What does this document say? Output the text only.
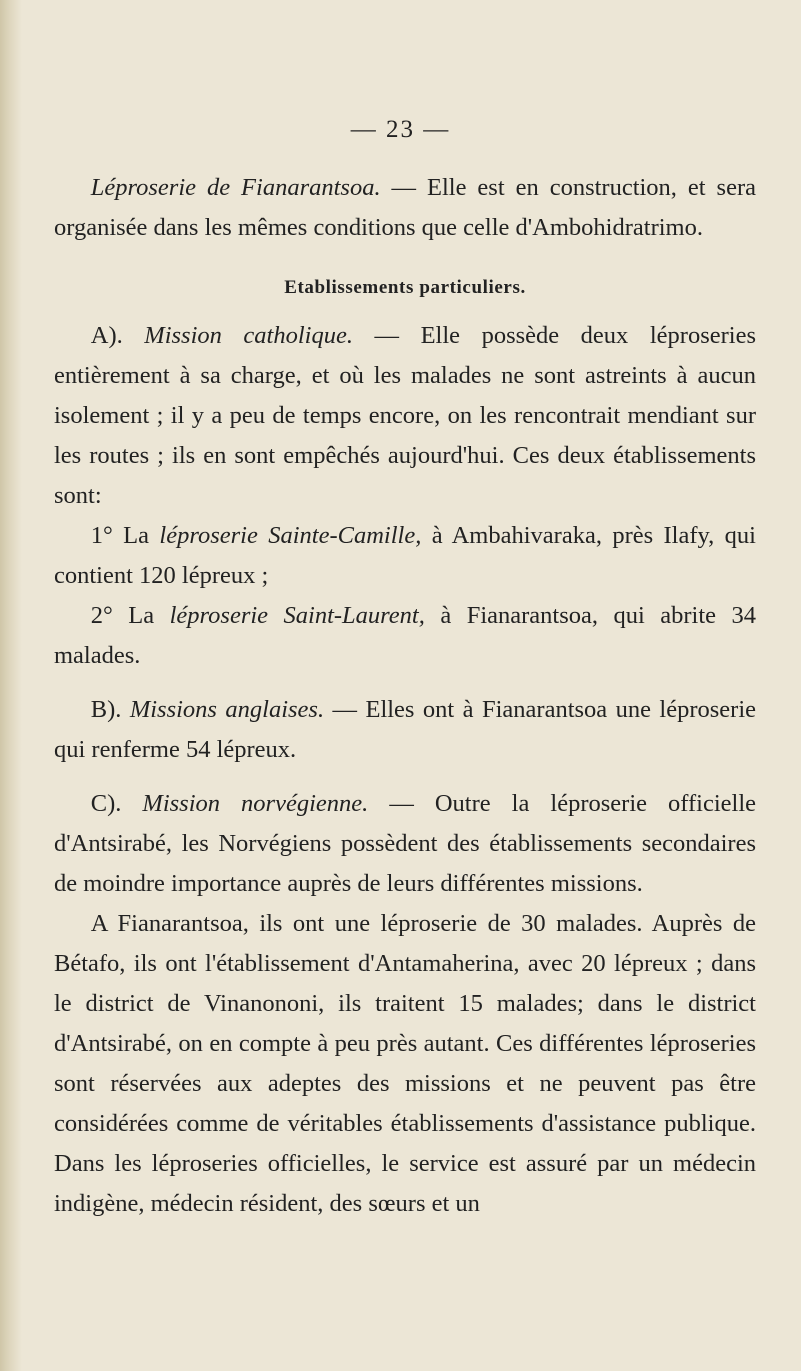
— 23 —

Léproserie de Fianarantsoa. — Elle est en construction, et sera organisée dans les mêmes conditions que celle d'Ambohidratrimo.

Etablissements particuliers.

A). Mission catholique. — Elle possède deux léproseries entièrement à sa charge, et où les malades ne sont astreints à aucun isolement ; il y a peu de temps encore, on les rencontrait mendiant sur les routes ; ils en sont empêchés aujourd'hui. Ces deux établissements sont:

1° La léproserie Sainte-Camille, à Ambahivaraka, près Ilafy, qui contient 120 lépreux ;

2° La léproserie Saint-Laurent, à Fianarantsoa, qui abrite 34 malades.

B). Missions anglaises. — Elles ont à Fianarantsoa une léproserie qui renferme 54 lépreux.

C). Mission norvégienne. — Outre la léproserie officielle d'Antsirabé, les Norvégiens possèdent des établissements secondaires de moindre importance auprès de leurs différentes missions.

A Fianarantsoa, ils ont une léproserie de 30 malades. Auprès de Bétafo, ils ont l'établissement d'Antamaherina, avec 20 lépreux ; dans le district de Vinanononi, ils traitent 15 malades; dans le district d'Antsirabé, on en compte à peu près autant. Ces différentes léproseries sont réservées aux adeptes des missions et ne peuvent pas être considérées comme de véritables établissements d'assistance publique. Dans les léproseries officielles, le service est assuré par un médecin indigène, médecin résident, des sœurs et un
